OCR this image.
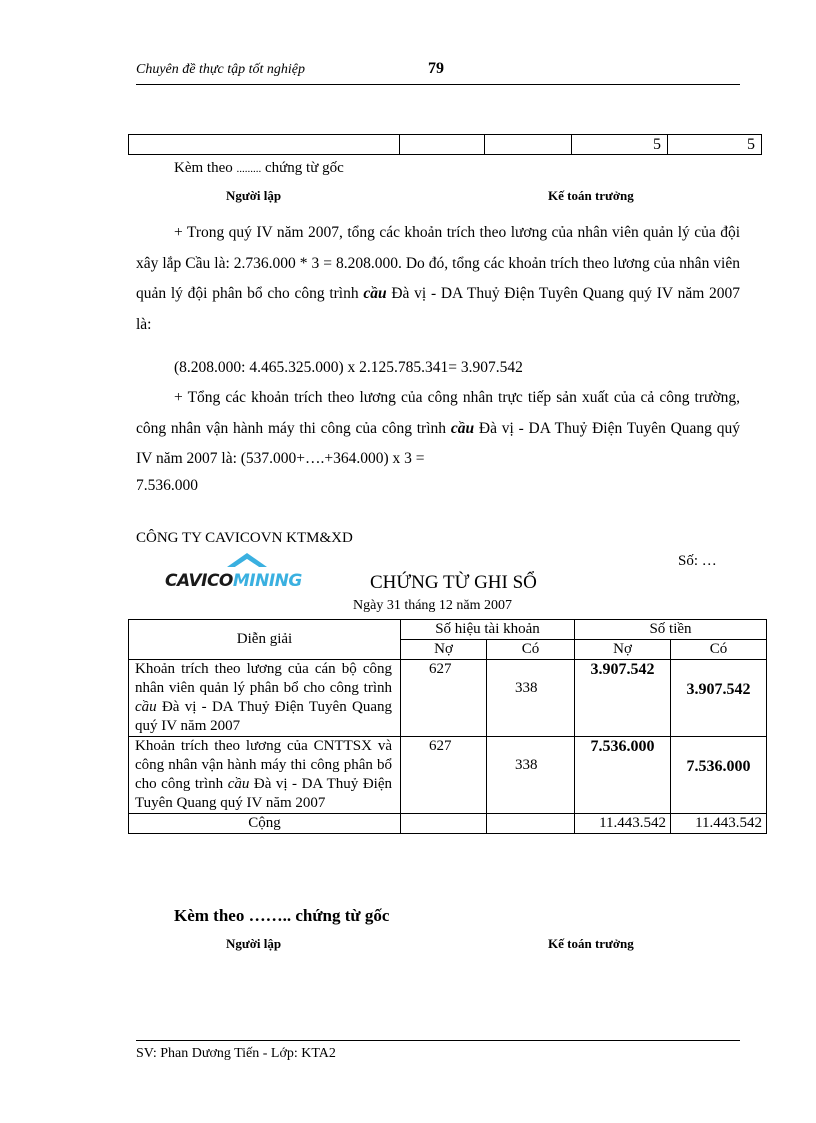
Chuyên đề thực tập tốt nghiệp	79
			5	5
Kèm theo ......... chứng từ gốc
Người lập	Kế toán trưởng
+ Trong quý IV năm 2007, tổng các khoản trích theo lương của nhân viên quản lý của đội xây lắp Cầu là: 2.736.000 * 3 = 8.208.000. Do đó, tổng các khoản trích theo lương của nhân viên quản lý đội phân bổ cho công trình cầu Đà vị - DA Thuỷ Điện Tuyên Quang quý IV năm 2007 là:
(8.208.000: 4.465.325.000) x 2.125.785.341= 3.907.542
+ Tổng các khoản trích theo lương của công nhân trực tiếp sản xuất của cả công trường, công nhân vận hành máy thi công của công trình cầu Đà vị - DA Thuỷ Điện Tuyên Quang quý IV năm 2007 là: (537.000+….+364.000) x 3 =
7.536.000
CÔNG TY CAVICOVN KTM&XD
Số: …
CAVICOMINING	CHỨNG TỪ GHI SỔ
Ngày 31 tháng 12 năm 2007
Diễn giải	Số hiệu tài khoản		Số tiền	
	Nợ	Có	Nợ	Có
Khoản trích theo lương của cán bộ công nhân viên quản lý phân bổ cho công trình cầu Đà vị - DA Thuỷ Điện Tuyên Quang quý IV năm 2007	627	338	3.907.542	3.907.542

Khoản trích theo lương của CNTTSX và công nhân vận hành máy thi công phân bổ cho công trình cầu Đà vị - DA Thuỷ Điện Tuyên Quang quý IV năm 2007	627	338	7.536.000	7.536.000

Cộng			11.443.542	11.443.542
Kèm theo …….. chứng từ gốc
Người lập	Kế toán trưởng
SV: Phan Dương Tiến - Lớp: KTA2
